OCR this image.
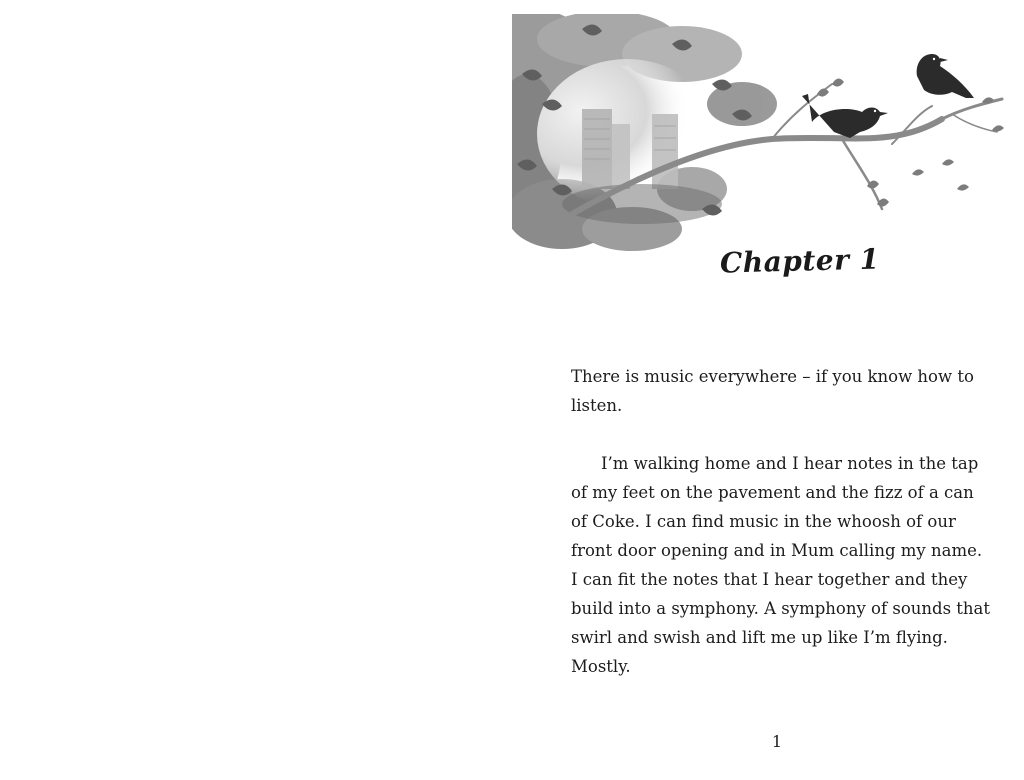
Chapter 1

There is music everywhere – if you know how to listen.

I’m walking home and I hear notes in the tap of my feet on the pavement and the fizz of a can of Coke. I can find music in the whoosh of our front door opening and in Mum calling my name. I can fit the notes that I hear together and they build into a symphony. A symphony of sounds that swirl and swish and lift me up like I’m flying. Mostly.

1
